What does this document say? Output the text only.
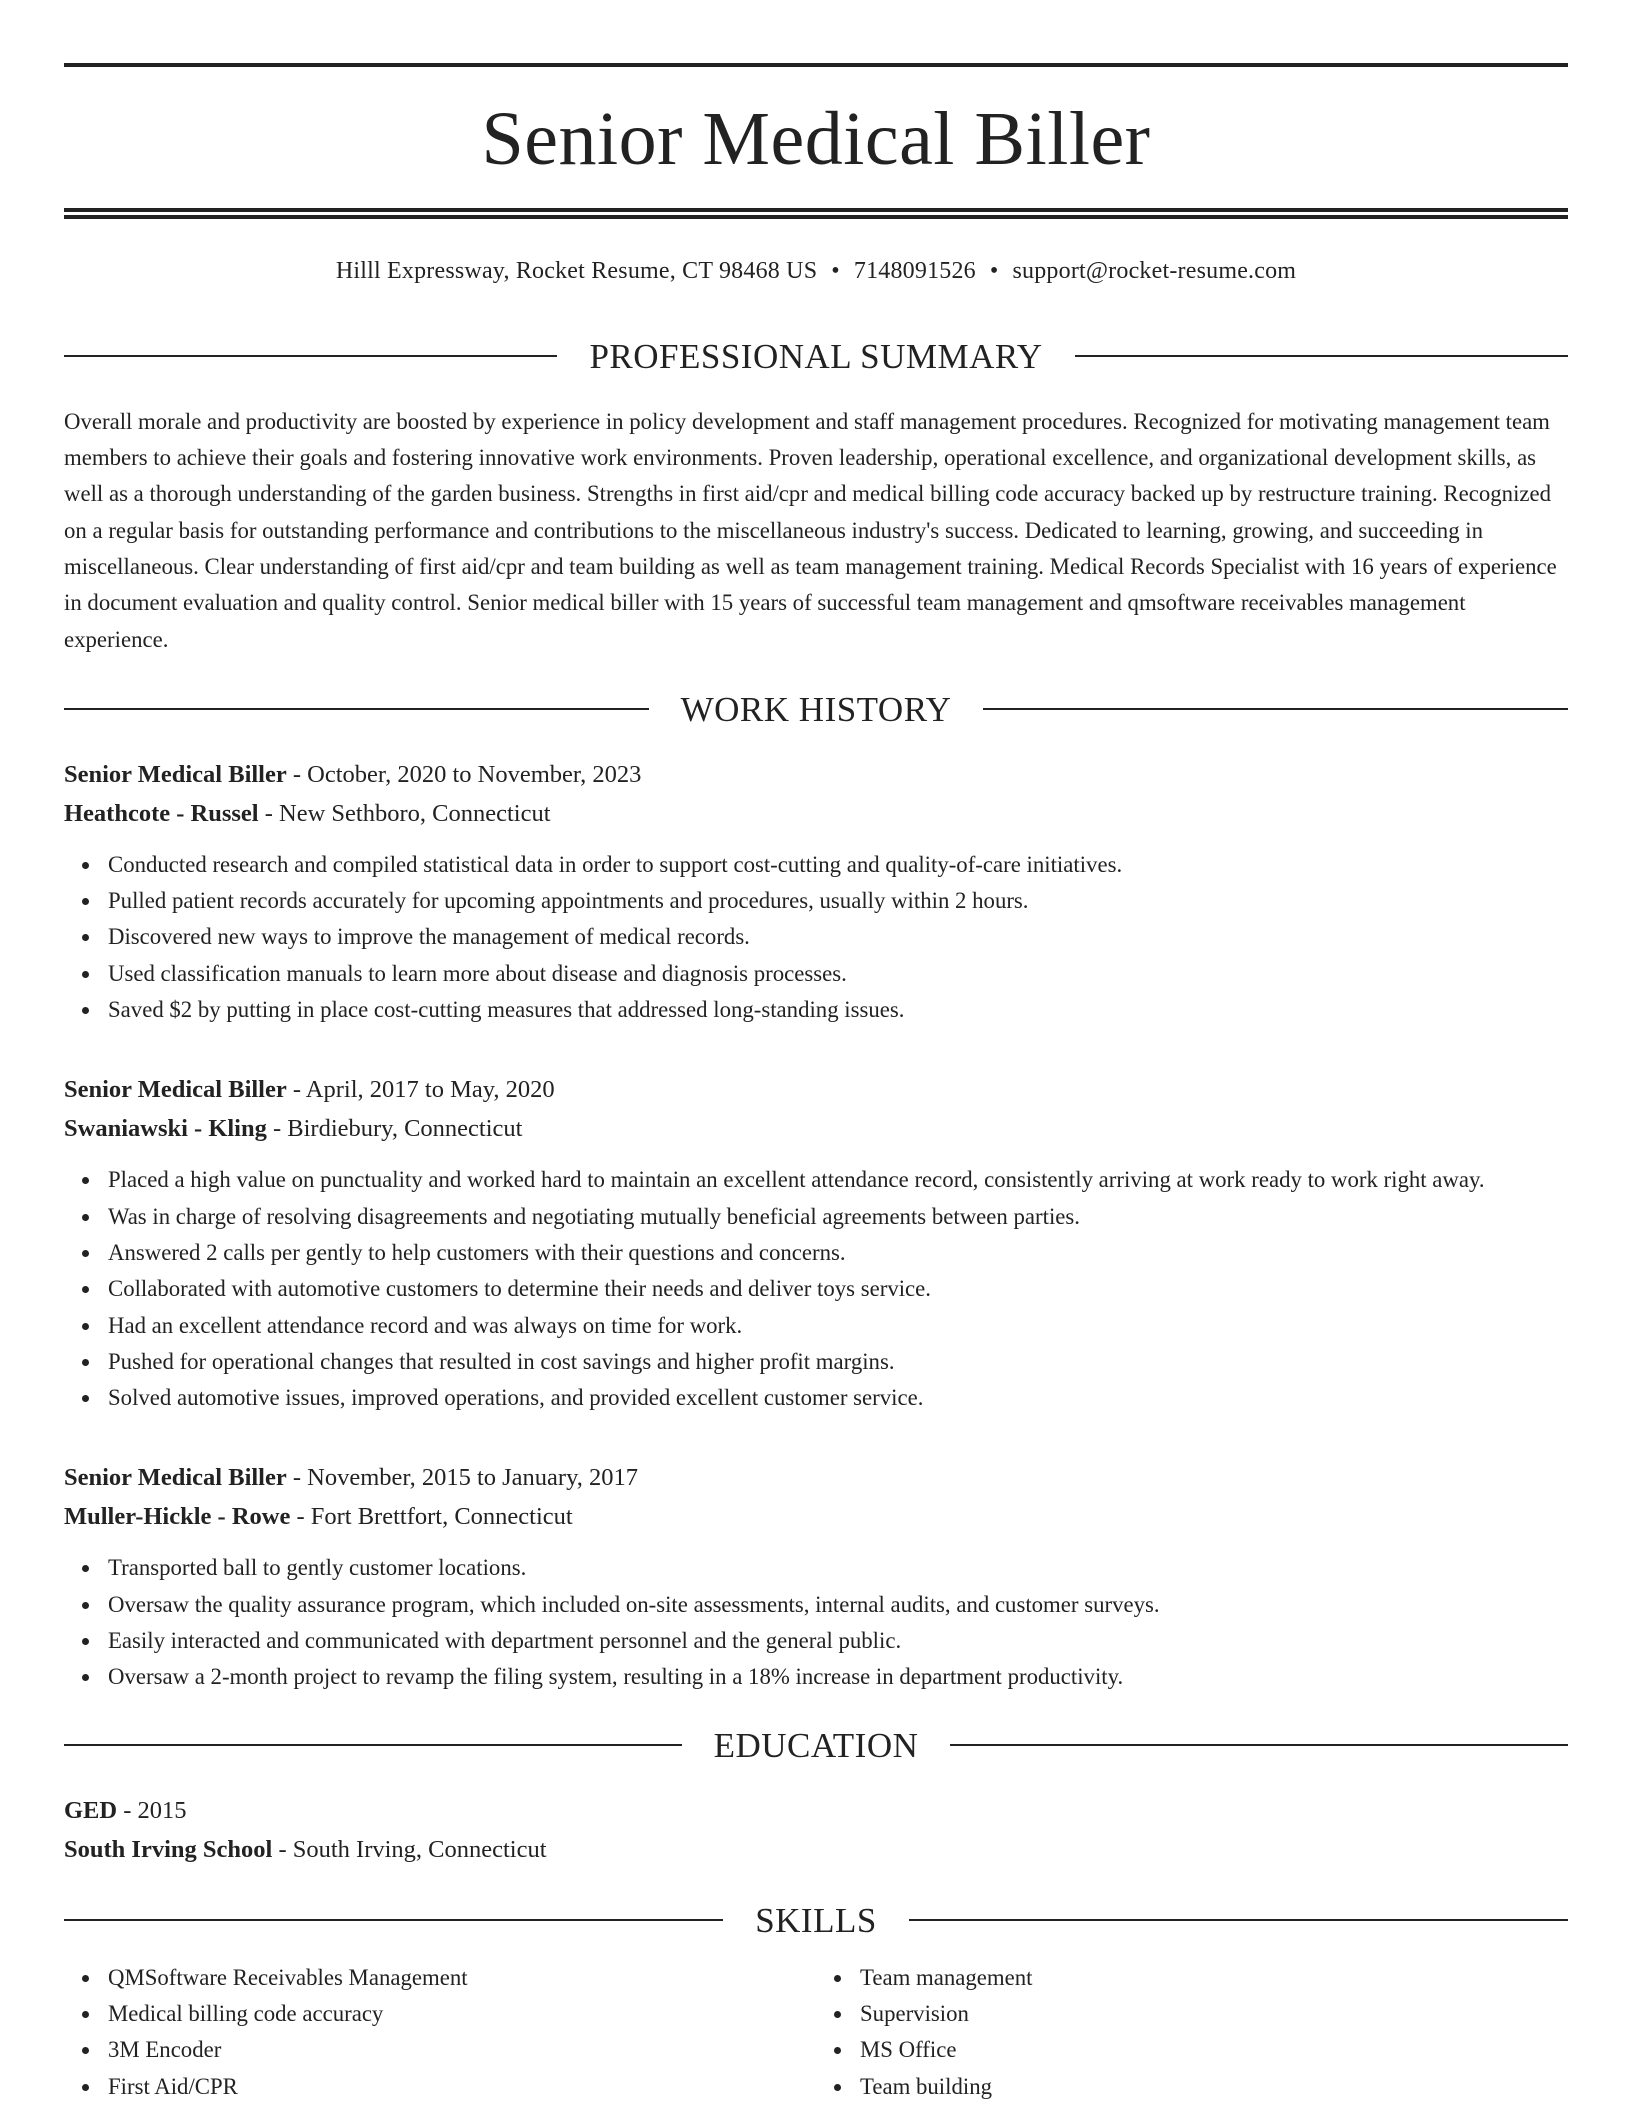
Senior Medical Biller
Hilll Expressway, Rocket Resume, CT 98468 US • 7148091526 • support@rocket-resume.com
PROFESSIONAL SUMMARY

Overall morale and productivity are boosted by experience in policy development and staff management procedures. Recognized for motivating management team members to achieve their goals and fostering innovative work environments. Proven leadership, operational excellence, and organizational development skills, as well as a thorough understanding of the garden business. Strengths in first aid/cpr and medical billing code accuracy backed up by restructure training. Recognized on a regular basis for outstanding performance and contributions to the miscellaneous industry's success. Dedicated to learning, growing, and succeeding in miscellaneous. Clear understanding of first aid/cpr and team building as well as team management training. Medical Records Specialist with 16 years of experience in document evaluation and quality control. Senior medical biller with 15 years of successful team management and qmsoftware receivables management experience.

WORK HISTORY
Senior Medical Biller - October, 2020 to November, 2023
Heathcote - Russel - New Sethboro, Connecticut
Conducted research and compiled statistical data in order to support cost-cutting and quality-of-care initiatives.
Pulled patient records accurately for upcoming appointments and procedures, usually within 2 hours.
Discovered new ways to improve the management of medical records.
Used classification manuals to learn more about disease and diagnosis processes.
Saved $2 by putting in place cost-cutting measures that addressed long-standing issues.
Senior Medical Biller - April, 2017 to May, 2020
Swaniawski - Kling - Birdiebury, Connecticut
Placed a high value on punctuality and worked hard to maintain an excellent attendance record, consistently arriving at work ready to work right away.
Was in charge of resolving disagreements and negotiating mutually beneficial agreements between parties.
Answered 2 calls per gently to help customers with their questions and concerns.
Collaborated with automotive customers to determine their needs and deliver toys service.
Had an excellent attendance record and was always on time for work.
Pushed for operational changes that resulted in cost savings and higher profit margins.
Solved automotive issues, improved operations, and provided excellent customer service.
Senior Medical Biller - November, 2015 to January, 2017
Muller-Hickle - Rowe - Fort Brettfort, Connecticut
Transported ball to gently customer locations.
Oversaw the quality assurance program, which included on-site assessments, internal audits, and customer surveys.
Easily interacted and communicated with department personnel and the general public.
Oversaw a 2-month project to revamp the filing system, resulting in a 18% increase in department productivity.
EDUCATION
GED - 2015
South Irving School - South Irving, Connecticut
SKILLS
QMSoftware Receivables Management
Medical billing code accuracy
3M Encoder
First Aid/CPR
Team management
Supervision
MS Office
Team building
